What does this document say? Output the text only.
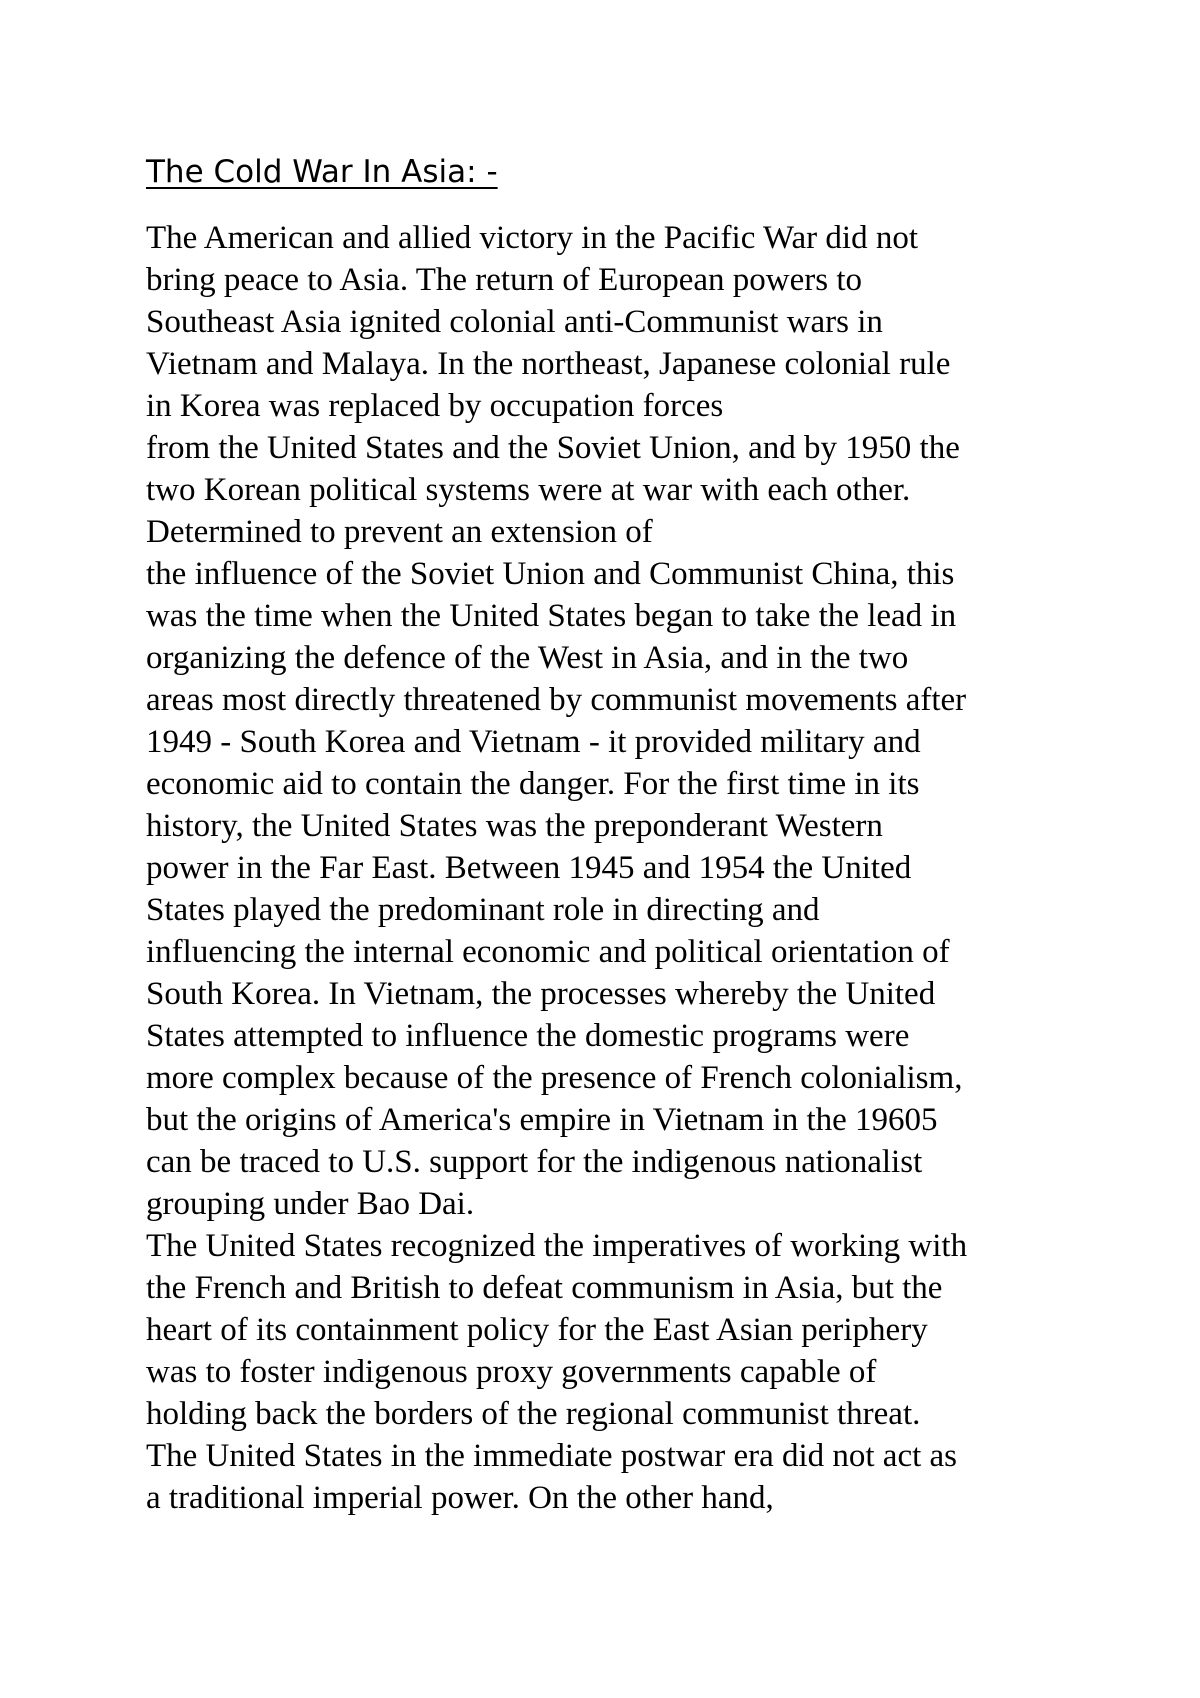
The Cold War In Asia: -
The American and allied victory in the Pacific War did not
bring peace to Asia. The return of European powers to
Southeast Asia ignited colonial anti-Communist wars in
Vietnam and Malaya. In the northeast, Japanese colonial rule
in Korea was replaced by occupation forces
from the United States and the Soviet Union, and by 1950 the
two Korean political systems were at war with each other.
Determined to prevent an extension of
the influence of the Soviet Union and Communist China, this
was the time when the United States began to take the lead in
organizing the defence of the West in Asia, and in the two
areas most directly threatened by communist movements after
1949 - South Korea and Vietnam - it provided military and
economic aid to contain the danger. For the first time in its
history, the United States was the preponderant Western
power in the Far East. Between 1945 and 1954 the United
States played the predominant role in directing and
influencing the internal economic and political orientation of
South Korea. In Vietnam, the processes whereby the United
States attempted to influence the domestic programs were
more complex because of the presence of French colonialism,
but the origins of America's empire in Vietnam in the 19605
can be traced to U.S. support for the indigenous nationalist
grouping under Bao Dai.
The United States recognized the imperatives of working with
the French and British to defeat communism in Asia, but the
heart of its containment policy for the East Asian periphery
was to foster indigenous proxy governments capable of
holding back the borders of the regional communist threat.
The United States in the immediate postwar era did not act as
a traditional imperial power. On the other hand,
